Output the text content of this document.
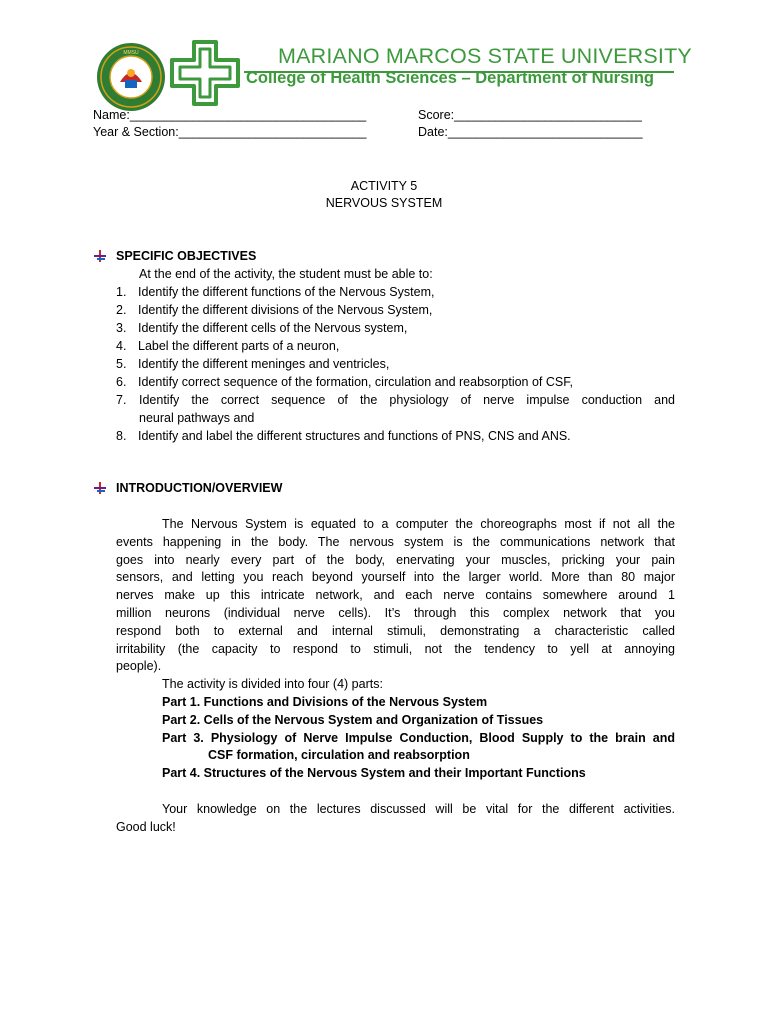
MMSU	MARIANO MARCOS STATE UNIVERSITY
College of Health Sciences – Department of Nursing
Name:__________________________________	Score:___________________________
Year & Section:___________________________	Date:____________________________
ACTIVITY 5
NERVOUS SYSTEM
SPECIFIC OBJECTIVES
At the end of the activity, the student must be able to:
1. Identify the different functions of the Nervous System,
2. Identify the different divisions of the Nervous System,
3. Identify the different cells of the Nervous system,
4. Label the different parts of a neuron,
5. Identify the different meninges and ventricles,
6. Identify correct sequence of the formation, circulation and reabsorption of CSF,
7.	Identify the correct sequence of the physiology of nerve impulse conduction and
neural pathways and
8. Identify and label the different structures and functions of PNS, CNS and ANS.
INTRODUCTION/OVERVIEW
The Nervous System is equated to a computer the choreographs most if not all the
events happening in the body. The nervous system is the communications network that
goes into nearly every part of the body, enervating your muscles, pricking your pain
sensors, and letting you reach beyond yourself into the larger world. More than 80 major
nerves make up this intricate network, and each nerve contains somewhere around 1
million neurons (individual nerve cells). It’s through this complex network that you
respond both to external and internal stimuli, demonstrating a characteristic called
irritability (the capacity to respond to stimuli, not the tendency to yell at annoying
people).
The activity is divided into four (4) parts:
Part 1. Functions and Divisions of the Nervous System
Part 2. Cells of the Nervous System and Organization of Tissues
Part 3. Physiology of Nerve Impulse Conduction, Blood Supply to the brain and
CSF formation, circulation and reabsorption
Part 4. Structures of the Nervous System and their Important Functions
Your knowledge on the lectures discussed will be vital for the different activities.
Good luck!
